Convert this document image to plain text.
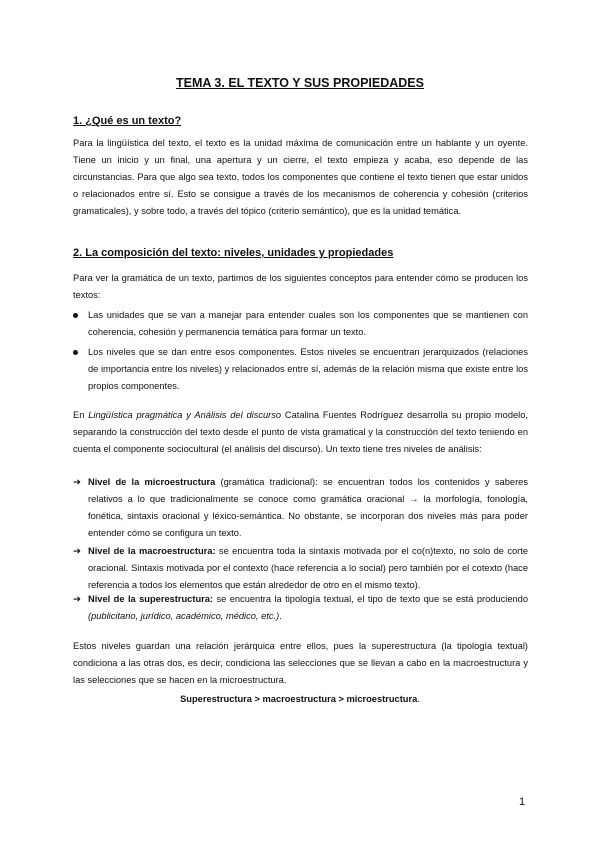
TEMA 3. EL TEXTO Y SUS PROPIEDADES
1. ¿Qué es un texto?
Para la lingüística del texto, el texto es la unidad máxima de comunicación entre un hablante y un oyente. Tiene un inicio y un final, una apertura y un cierre, el texto empieza y acaba, eso depende de las circunstancias. Para que algo sea texto, todos los componentes que contiene el texto tienen que estar unidos o relacionados entre sí. Esto se consigue a través de los mecanismos de coherencia y cohesión (criterios gramaticales), y sobre todo, a través del tópico (criterio semántico), que es la unidad temática.
2. La composición del texto: niveles, unidades y propiedades
Para ver la gramática de un texto, partimos de los siguientes conceptos para entender cómo se producen los textos:
Las unidades que se van a manejar para entender cuales son los componentes que se mantienen con coherencia, cohesión y permanencia temática para formar un texto.
Los niveles que se dan entre esos componentes. Estos niveles se encuentran jerarquizados (relaciones de importancia entre los niveles) y relacionados entre sí, además de la relación misma que existe entre los propios componentes.
En Lingüística pragmática y Análisis del discurso Catalina Fuentes Rodríguez desarrolla su propio modelo, separando la construcción del texto desde el punto de vista gramatical y la construcción del texto teniendo en cuenta el componente sociocultural (el análisis del discurso). Un texto tiene tres niveles de análisis:
➔ Nivel de la microestructura (gramática tradicional): se encuentran todos los contenidos y saberes relativos a lo que tradicionalmente se conoce como gramática oracional → la morfología, fonología, fonética, sintaxis oracional y léxico-semántica. No obstante, se incorporan dos niveles más para poder entender cómo se configura un texto.
➔ Nivel de la macroestructura: se encuentra toda la sintaxis motivada por el co(n)texto, no solo de corte oracional. Sintaxis motivada por el contexto (hace referencia a lo social) pero también por el cotexto (hace referencia a todos los elementos que están alrededor de otro en el mismo texto).
➔ Nivel de la superestructura: se encuentra la tipología textual, el tipo de texto que se está produciendo (publicitario, jurídico, académico, médico, etc.).
Estos niveles guardan una relación jerárquica entre ellos, pues la superestructura (la tipología textual) condiciona a las otras dos, es decir, condiciona las selecciones que se llevan a cabo en la macroestructura y las selecciones que se hacen en la microestructura.
Superestructura > macroestructura > microestructura.
1
